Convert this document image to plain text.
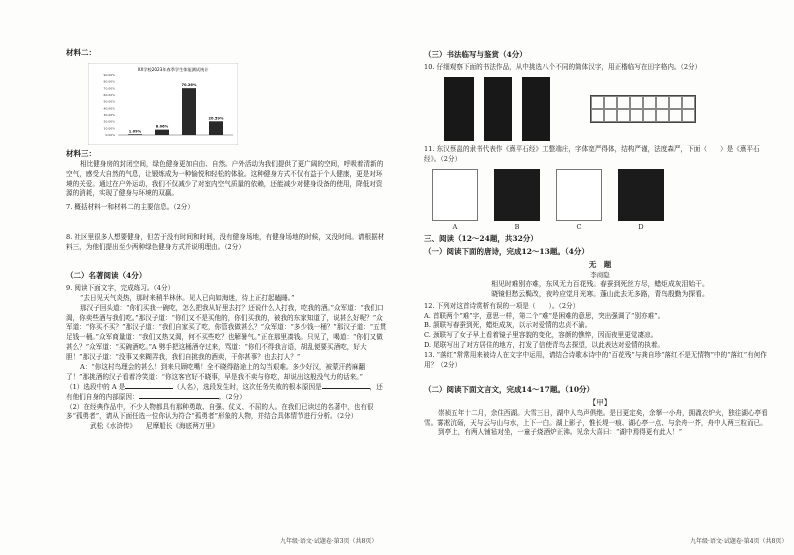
材料二：
XX学校2023年春季学生体能测试统计
90.00%
80.00%
70.00%
60.00%
50.00%
40.00%
30.00%
20.00%
10.00%
0.00%
1.09%
8.06%
70.26%
20.59%
材料三：
相比健身房的封闭空间，绿色健身更加自由、自然。户外活动为我们提供了更广阔的空间，呼吸着清新的空气，感受大自然的气息，让锻炼成为一种愉悦和轻松的体验。这种健身方式不仅有益于个人健康，更是对环境的关爱。通过在户外运动，我们不仅减少了对室内空气质量的依赖，还能减少对健身设备的使用，降低对资源的消耗，实现了健身与环境的双赢。
7. 概括材料一和材料二的主要信息。（2分）
8. 社区里很多人想要健身，但苦于没有时间和时间，没有健身场地，有健身场地的时候，又没时间。请根据材料三，为他们提出至少两种绿色健身方式并说明理由。（2分）
（二）名著阅读（4分）
9. 阅读下面文字，完成练习。（4分）
“去日见天气炎热，那时来稍半林休。见人已向如海迷，待上正打起瞌睡。”
那汉子回头道：“你们买我一碗吃，怎么把我从好里去打？还说什么人打我，吃我的酒。”众军道：“我们口渴，你卖些酒与我们吃。”那汉子道：“你们又不是买他的，你们买我的，被我的东家知道了，说甚么好呢？”众军道：“你买不买？”那汉子道：“我们自家买了吃，你管我做甚么？”众军道：“多少钱一桶？”那汉子道：“五贯足钱一桶。”众军商量道：“我们又热又渴，何不买些吃？也解暑气。”正在那里凑钱。只见了，喝道：“你们又做甚么？”众军道：“买碗酒吃。”A 劈手把这桶酒夺过来，骂道：“你们不得我言语，胡乱便要买酒吃，好大胆！”那汉子道：“没事又来糊弄我，我们自挑我的酒卖，干你甚事？也去打人？”
A：“你这村鸟理会的甚么！到来只顾吃嘴！全不晓得路途上的勾当艰难。多少好汉，被蒙汗药麻翻了！”那挑酒的汉子看着冷笑道：“你这客官好不晓事，早是我不卖与你吃，却说出这般没气力的话来。”
（1）选段中的 A 是	（人名），选段发生时，这次任务失败的根本原因是	，还有他们自身的内部原因：	。（2分）
（2）在经典作品中，不少人物都具有那种勇敢、自强、仗义、不屈的人。在我们已读过的名著中，也有很多“孤勇者”，请从下面任选一位你认为符合“孤勇者”形象的人物，并结合具体情节进行分析。（2分）
武松《水浒传》　　尼摩船长《海底两万里》
九年级·语文·试题卷·第3页（共8页）
（三）书法临写与鉴赏（4分）
10. 仔细观察下面的书法作品，从中挑选八个不同的简体汉字，用正楷临写在田字格内。（2分）
11. 东汉蔡邕的隶书代表作《熹平石经》工整端庄，字体宽严得体，结构严谨，法度森严，下面（　　）是《熹平石经》。（2分）
A	B	C	D
三、阅读（12～24题，共32分）
（一）阅读下面的唐诗，完成12～13题。（4分）
无　题
李商隐
相见时难别亦难，东风无力百花残。春蚕到死丝方尽，蜡炬成灰泪始干。
晓镜但愁云鬓改，夜吟应觉月光寒。蓬山此去无多路，青鸟殷勤为探看。
12. 下列对这首诗赏析有误的一项是（　　）。（2分）
A. 首联两个“难”字，意思一样，第二个“难”是困难的意思，突出强调了“别亦难”。
B. 颔联写春蚕到死，蜡炬成灰，以示对爱情的忠贞不渝。
C. 颈联写了女子早上看着镜子里容貌的变化，容颜的憔悴，因而夜里更觉凄凉。
D. 尾联写出了对方居住的地方，打发了信使青鸟去探望，以此表达对爱情的执着。
13. “落红”常常用来被诗人在文字中运用，请结合诗歌本诗中的“百花残”与龚自珍“落红不是无情物”中的“落红”有何作用？（2分）
（二）阅读下面文言文，完成14～17题。（10分）
【甲】
崇祯五年十二月，余住西湖。大雪三日，湖中人鸟声俱绝。是日更定矣，余拏一小舟，拥毳衣炉火，独往湖心亭看雪。雾凇沆砀，天与云与山与水，上下一白。湖上影子，惟长堤一痕、湖心亭一点、与余舟一芥，舟中人两三粒而已。
到亭上，有两人铺毡对坐，一童子烧酒炉正沸。见余大喜曰：“湖中焉得更有此人！”
九年级·语文·试题卷·第4页（共8页）
